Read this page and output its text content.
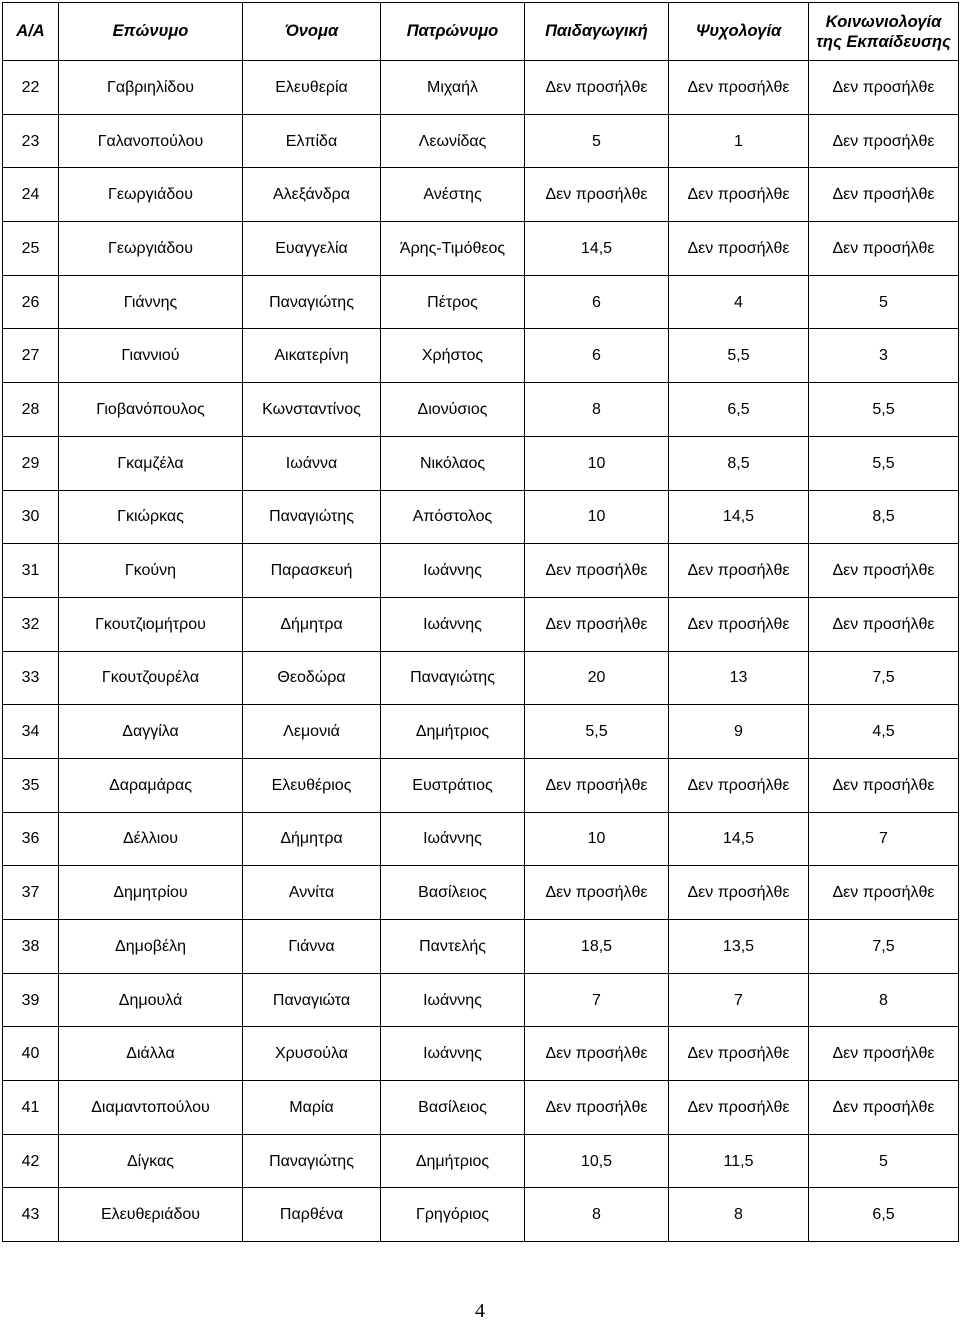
Α/Α	Επώνυμο	Όνομα	Πατρώνυμο	Παιδαγωγική	Ψυχολογία	Κοινωνιολογία της Εκπαίδευσης
22	Γαβριηλίδου	Ελευθερία	Μιχαήλ	Δεν προσήλθε	Δεν προσήλθε	Δεν προσήλθε
23	Γαλανοπούλου	Ελπίδα	Λεωνίδας	5	1	Δεν προσήλθε
24	Γεωργιάδου	Αλεξάνδρα	Ανέστης	Δεν προσήλθε	Δεν προσήλθε	Δεν προσήλθε
25	Γεωργιάδου	Ευαγγελία	Άρης-Τιμόθεος	14,5	Δεν προσήλθε	Δεν προσήλθε
26	Γιάννης	Παναγιώτης	Πέτρος	6	4	5
27	Γιαννιού	Αικατερίνη	Χρήστος	6	5,5	3
28	Γιοβανόπουλος	Κωνσταντίνος	Διονύσιος	8	6,5	5,5
29	Γκαμζέλα	Ιωάννα	Νικόλαος	10	8,5	5,5
30	Γκιώρκας	Παναγιώτης	Απόστολος	10	14,5	8,5
31	Γκούνη	Παρασκευή	Ιωάννης	Δεν προσήλθε	Δεν προσήλθε	Δεν προσήλθε
32	Γκουτζιομήτρου	Δήμητρα	Ιωάννης	Δεν προσήλθε	Δεν προσήλθε	Δεν προσήλθε
33	Γκουτζουρέλα	Θεοδώρα	Παναγιώτης	20	13	7,5
34	Δαγγίλα	Λεμονιά	Δημήτριος	5,5	9	4,5
35	Δαραμάρας	Ελευθέριος	Ευστράτιος	Δεν προσήλθε	Δεν προσήλθε	Δεν προσήλθε
36	Δέλλιου	Δήμητρα	Ιωάννης	10	14,5	7
37	Δημητρίου	Αννίτα	Βασίλειος	Δεν προσήλθε	Δεν προσήλθε	Δεν προσήλθε
38	Δημοβέλη	Γιάννα	Παντελής	18,5	13,5	7,5
39	Δημουλά	Παναγιώτα	Ιωάννης	7	7	8
40	Διάλλα	Χρυσούλα	Ιωάννης	Δεν προσήλθε	Δεν προσήλθε	Δεν προσήλθε
41	Διαμαντοπούλου	Μαρία	Βασίλειος	Δεν προσήλθε	Δεν προσήλθε	Δεν προσήλθε
42	Δίγκας	Παναγιώτης	Δημήτριος	10,5	11,5	5
43	Ελευθεριάδου	Παρθένα	Γρηγόριος	8	8	6,5
4
